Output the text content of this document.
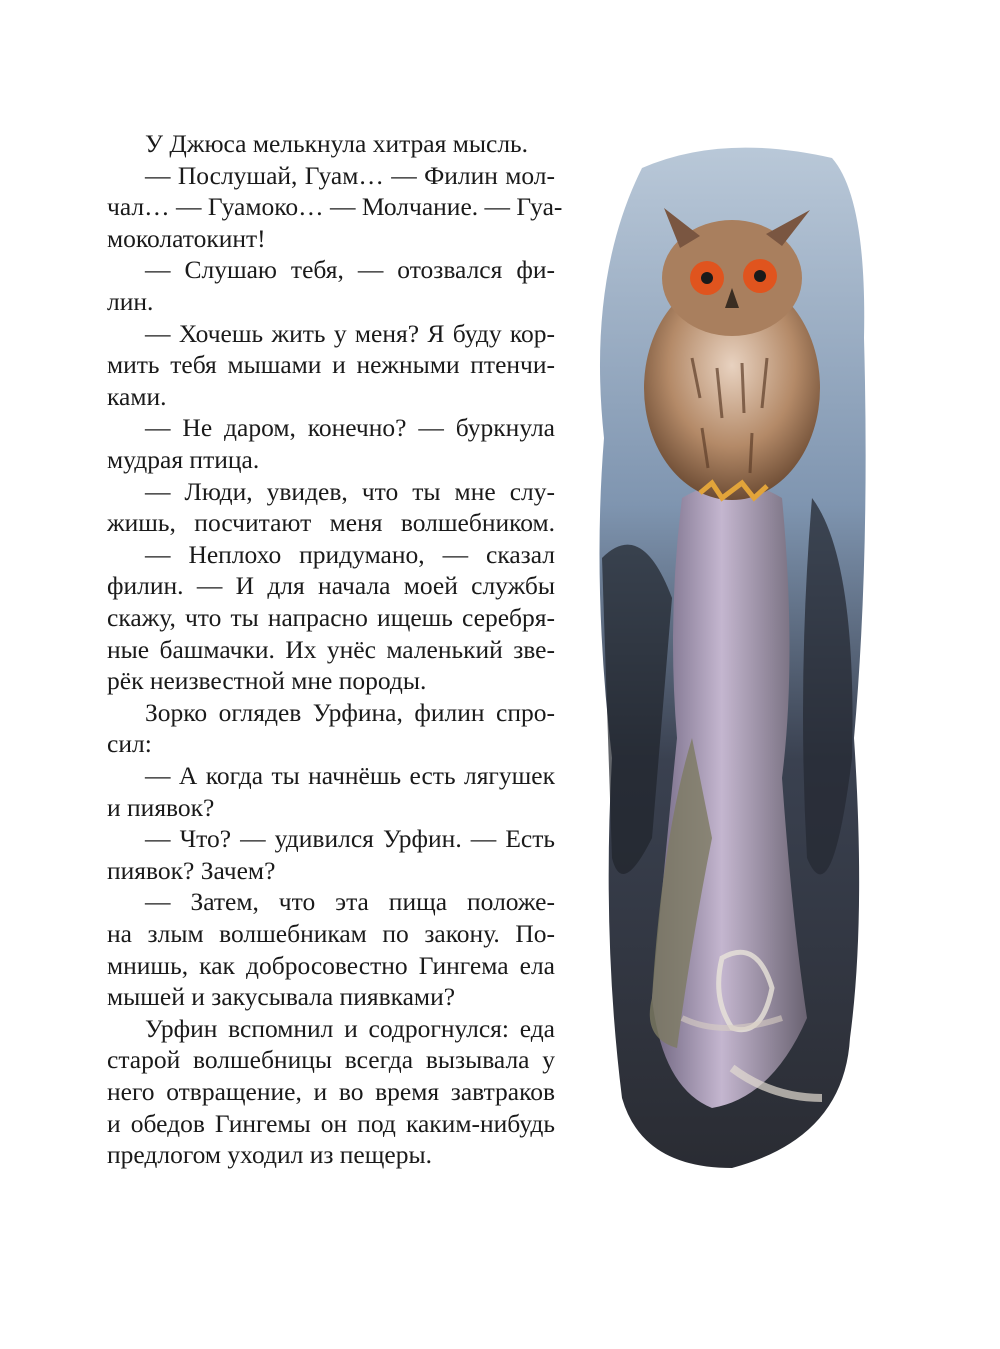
У Джюса мелькнула хитрая мысль.
— Послушай, Гуам… — Филин мол-
чал… — Гуамоко… — Молчание. — Гуа-
моколатокинт!
— Слушаю тебя, — отозвался фи-
лин.
— Хочешь жить у меня? Я буду кор-
мить тебя мышами и нежными птенчи-
ками.
— Не даром, конечно? — буркнула
мудрая птица.
— Люди, увидев, что ты мне слу-
жишь, посчитают меня волшебником.
— Неплохо придумано, — сказал
филин. — И для начала моей службы
скажу, что ты напрасно ищешь серебря-
ные башмачки. Их унёс маленький зве-
рёк неизвестной мне породы.
Зорко оглядев Урфина, филин спро-
сил:
— А когда ты начнёшь есть лягушек
и пиявок?
— Что? — удивился Урфин. — Есть
пиявок? Зачем?
— Затем, что эта пища положе-
на злым волшебникам по закону. По-
мнишь, как добросовестно Гингема ела
мышей и закусывала пиявками?
Урфин вспомнил и содрогнулся: еда
старой волшебницы всегда вызывала у
него отвращение, и во время завтраков
и обедов Гингемы он под каким-нибудь
предлогом уходил из пещеры.
